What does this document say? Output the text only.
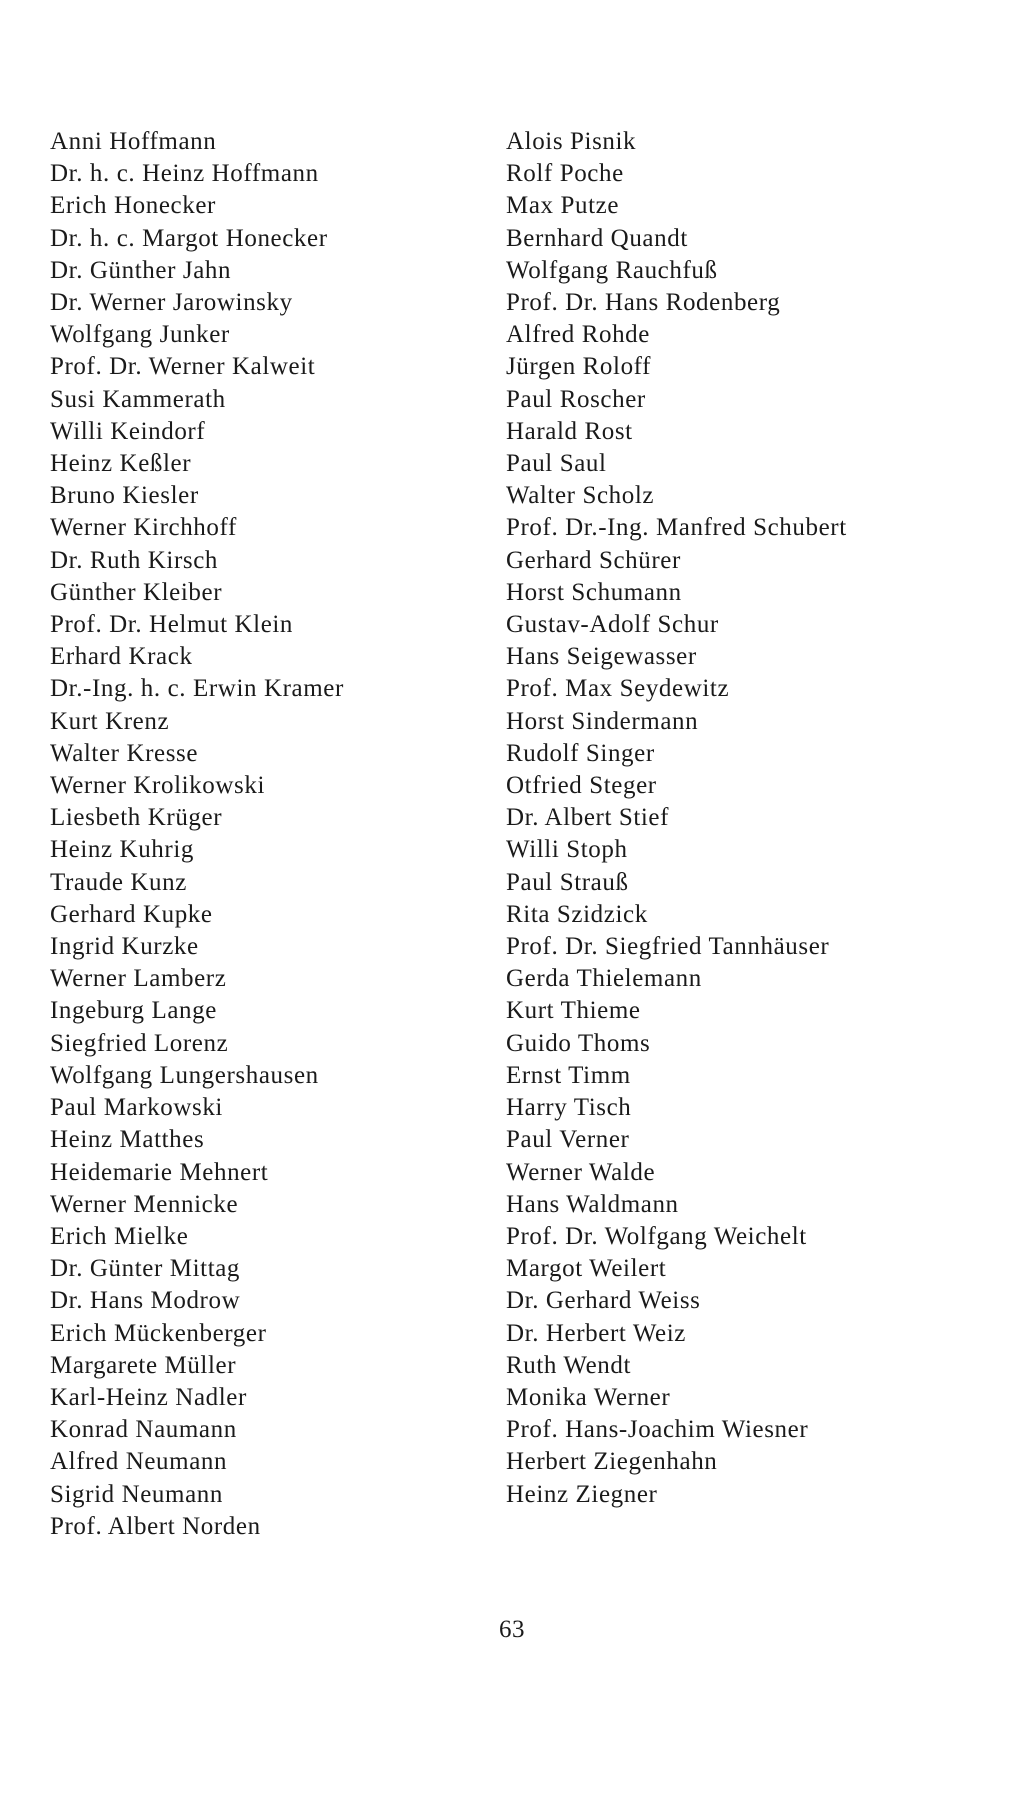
Anni Hoffmann
Dr. h. c. Heinz Hoffmann
Erich Honecker
Dr. h. c. Margot Honecker
Dr. Günther Jahn
Dr. Werner Jarowinsky
Wolfgang Junker
Prof. Dr. Werner Kalweit
Susi Kammerath
Willi Keindorf
Heinz Keßler
Bruno Kiesler
Werner Kirchhoff
Dr. Ruth Kirsch
Günther Kleiber
Prof. Dr. Helmut Klein
Erhard Krack
Dr.-Ing. h. c. Erwin Kramer
Kurt Krenz
Walter Kresse
Werner Krolikowski
Liesbeth Krüger
Heinz Kuhrig
Traude Kunz
Gerhard Kupke
Ingrid Kurzke
Werner Lamberz
Ingeburg Lange
Siegfried Lorenz
Wolfgang Lungershausen
Paul Markowski
Heinz Matthes
Heidemarie Mehnert
Werner Mennicke
Erich Mielke
Dr. Günter Mittag
Dr. Hans Modrow
Erich Mückenberger
Margarete Müller
Karl-Heinz Nadler
Konrad Naumann
Alfred Neumann
Sigrid Neumann
Prof. Albert Norden
Alois Pisnik
Rolf Poche
Max Putze
Bernhard Quandt
Wolfgang Rauchfuß
Prof. Dr. Hans Rodenberg
Alfred Rohde
Jürgen Roloff
Paul Roscher
Harald Rost
Paul Saul
Walter Scholz
Prof. Dr.-Ing. Manfred Schubert
Gerhard Schürer
Horst Schumann
Gustav-Adolf Schur
Hans Seigewasser
Prof. Max Seydewitz
Horst Sindermann
Rudolf Singer
Otfried Steger
Dr. Albert Stief
Willi Stoph
Paul Strauß
Rita Szidzick
Prof. Dr. Siegfried Tannhäuser
Gerda Thielemann
Kurt Thieme
Guido Thoms
Ernst Timm
Harry Tisch
Paul Verner
Werner Walde
Hans Waldmann
Prof. Dr. Wolfgang Weichelt
Margot Weilert
Dr. Gerhard Weiss
Dr. Herbert Weiz
Ruth Wendt
Monika Werner
Prof. Hans-Joachim Wiesner
Herbert Ziegenhahn
Heinz Ziegner
63
